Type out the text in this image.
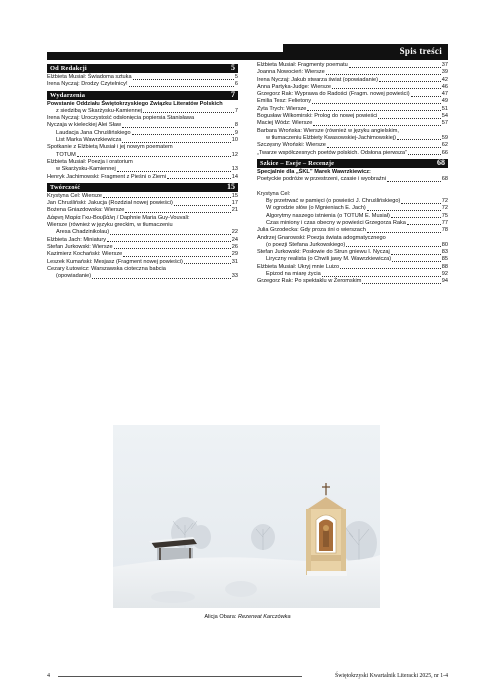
Spis treści
Od Redakcji	5
Elżbieta Musiał: Świadoma sztuka	5
Irena Nyczaj: Drodzy Czytelnicy!	6
Wydarzenia	7
Powstanie Oddziału Świętokrzyskiego Związku Literatów Polskich
z siedzibą w Skarżysku-Kamiennej	7
Irena Nyczaj: Uroczystość odsłonięcia popiersia Stanisława
Nyczaja w kieleckiej Alei Sław	8
Laudacja Jana Chruślińskiego	9
List Marka Wawrzkiewicza	10
Spotkanie z Elżbietą Musiał i jej nowym poematem
TOTUM	12
Elżbieta Musiał: Poezja i oratorium
w Skarżysku-Kamiennej	13
Henryk Jachimowski: Fragment z Pieśni o Ziemi	14
Twórczość	15
Krystyna Cel: Wiersze	15
Jan Chruśliński: Jakucja (Rozdział nowej powieści)	17
Bożena Gniazdowska: Wiersze	21
Δάφνη Μαρία Γκυ-Βουβάλη / Daphnie Maria Guy-Vouvali:
Wiersze (również w języku greckim, w tłumaczeniu
Aresa Chadzinikolau)	22
Elżbieta Jach: Miniatury	24
Stefan Jurkowski: Wiersze	26
Kazimierz Kochański: Wiersze	29
Leszek Kumański: Mesjasz (Fragment nowej powieści)	31
Cezary Łutowicz: Warszawska cioteczna babcia
(opowiadanie)	33
Elżbieta Musiał: Fragmenty poematu	37
Joanna Nowocień: Wiersze	39
Irena Nyczaj: Jakub stwarza świat (opowiadanie)	42
Anna Partyka-Judge: Wiersze	46
Grzegorz Rak: Wyprawa do Radości (Fragm. nowej powieści)	47
Emilia Tesz: Felietony	49
Zyta Trych: Wiersze	51
Bogusław Wilkomirski: Prolog do nowej powieści	54
Maciej Wódz: Wiersze	57
Barbara Wrońska: Wiersze (również w języku angielskim,
w tłumaczeniu Elżbiety Kwasowskiej-Jachimowskiej)	59
Szczęsny Wroński: Wiersze	62
„Twarze współczesnych poetów polskich. Odsłona pierwsza”	66
Szkice – Eseje – Recenzje	68
Specjalnie dla „ŚKL” Marek Wawrzkiewicz:
Poetyckie podróże w przestrzeni, czasie i wyobraźni	68
Krystyna Cel:
By przetrwać w pamięci (o powieści J. Chruślińskiego)	72
W ogrodzie słów (o Mgnieniach E. Jach)	72
Algorytmy naszego istnienia (o TOTUM E. Musiał)	75
Czas miniony i czas obecny w powieści Grzegorza Raka	77
Julia Grzodecka: Gdy proza śni o wierszach	78
Andrzej Gnarowski: Poezja świata adogmatycznego
(o poezji Stefana Jurkowskiego)	80
Stefan Jurkowski: Posłowie do Strun gniewu I. Nyczaj	83
Liryczny realista (o Chwili jawy M. Wawrzkiewicza)	85
Elżbieta Musiał: Ukryj mnie Luizo	88
Epizod na miarę życia	92
Grzegorz Rak: Po spektaklu w Żeromskim	94
Alicja Obara: Rezerwat Karczówka
4	Świętokrzyski Kwartalnik Literacki 2025, nr 1-4
